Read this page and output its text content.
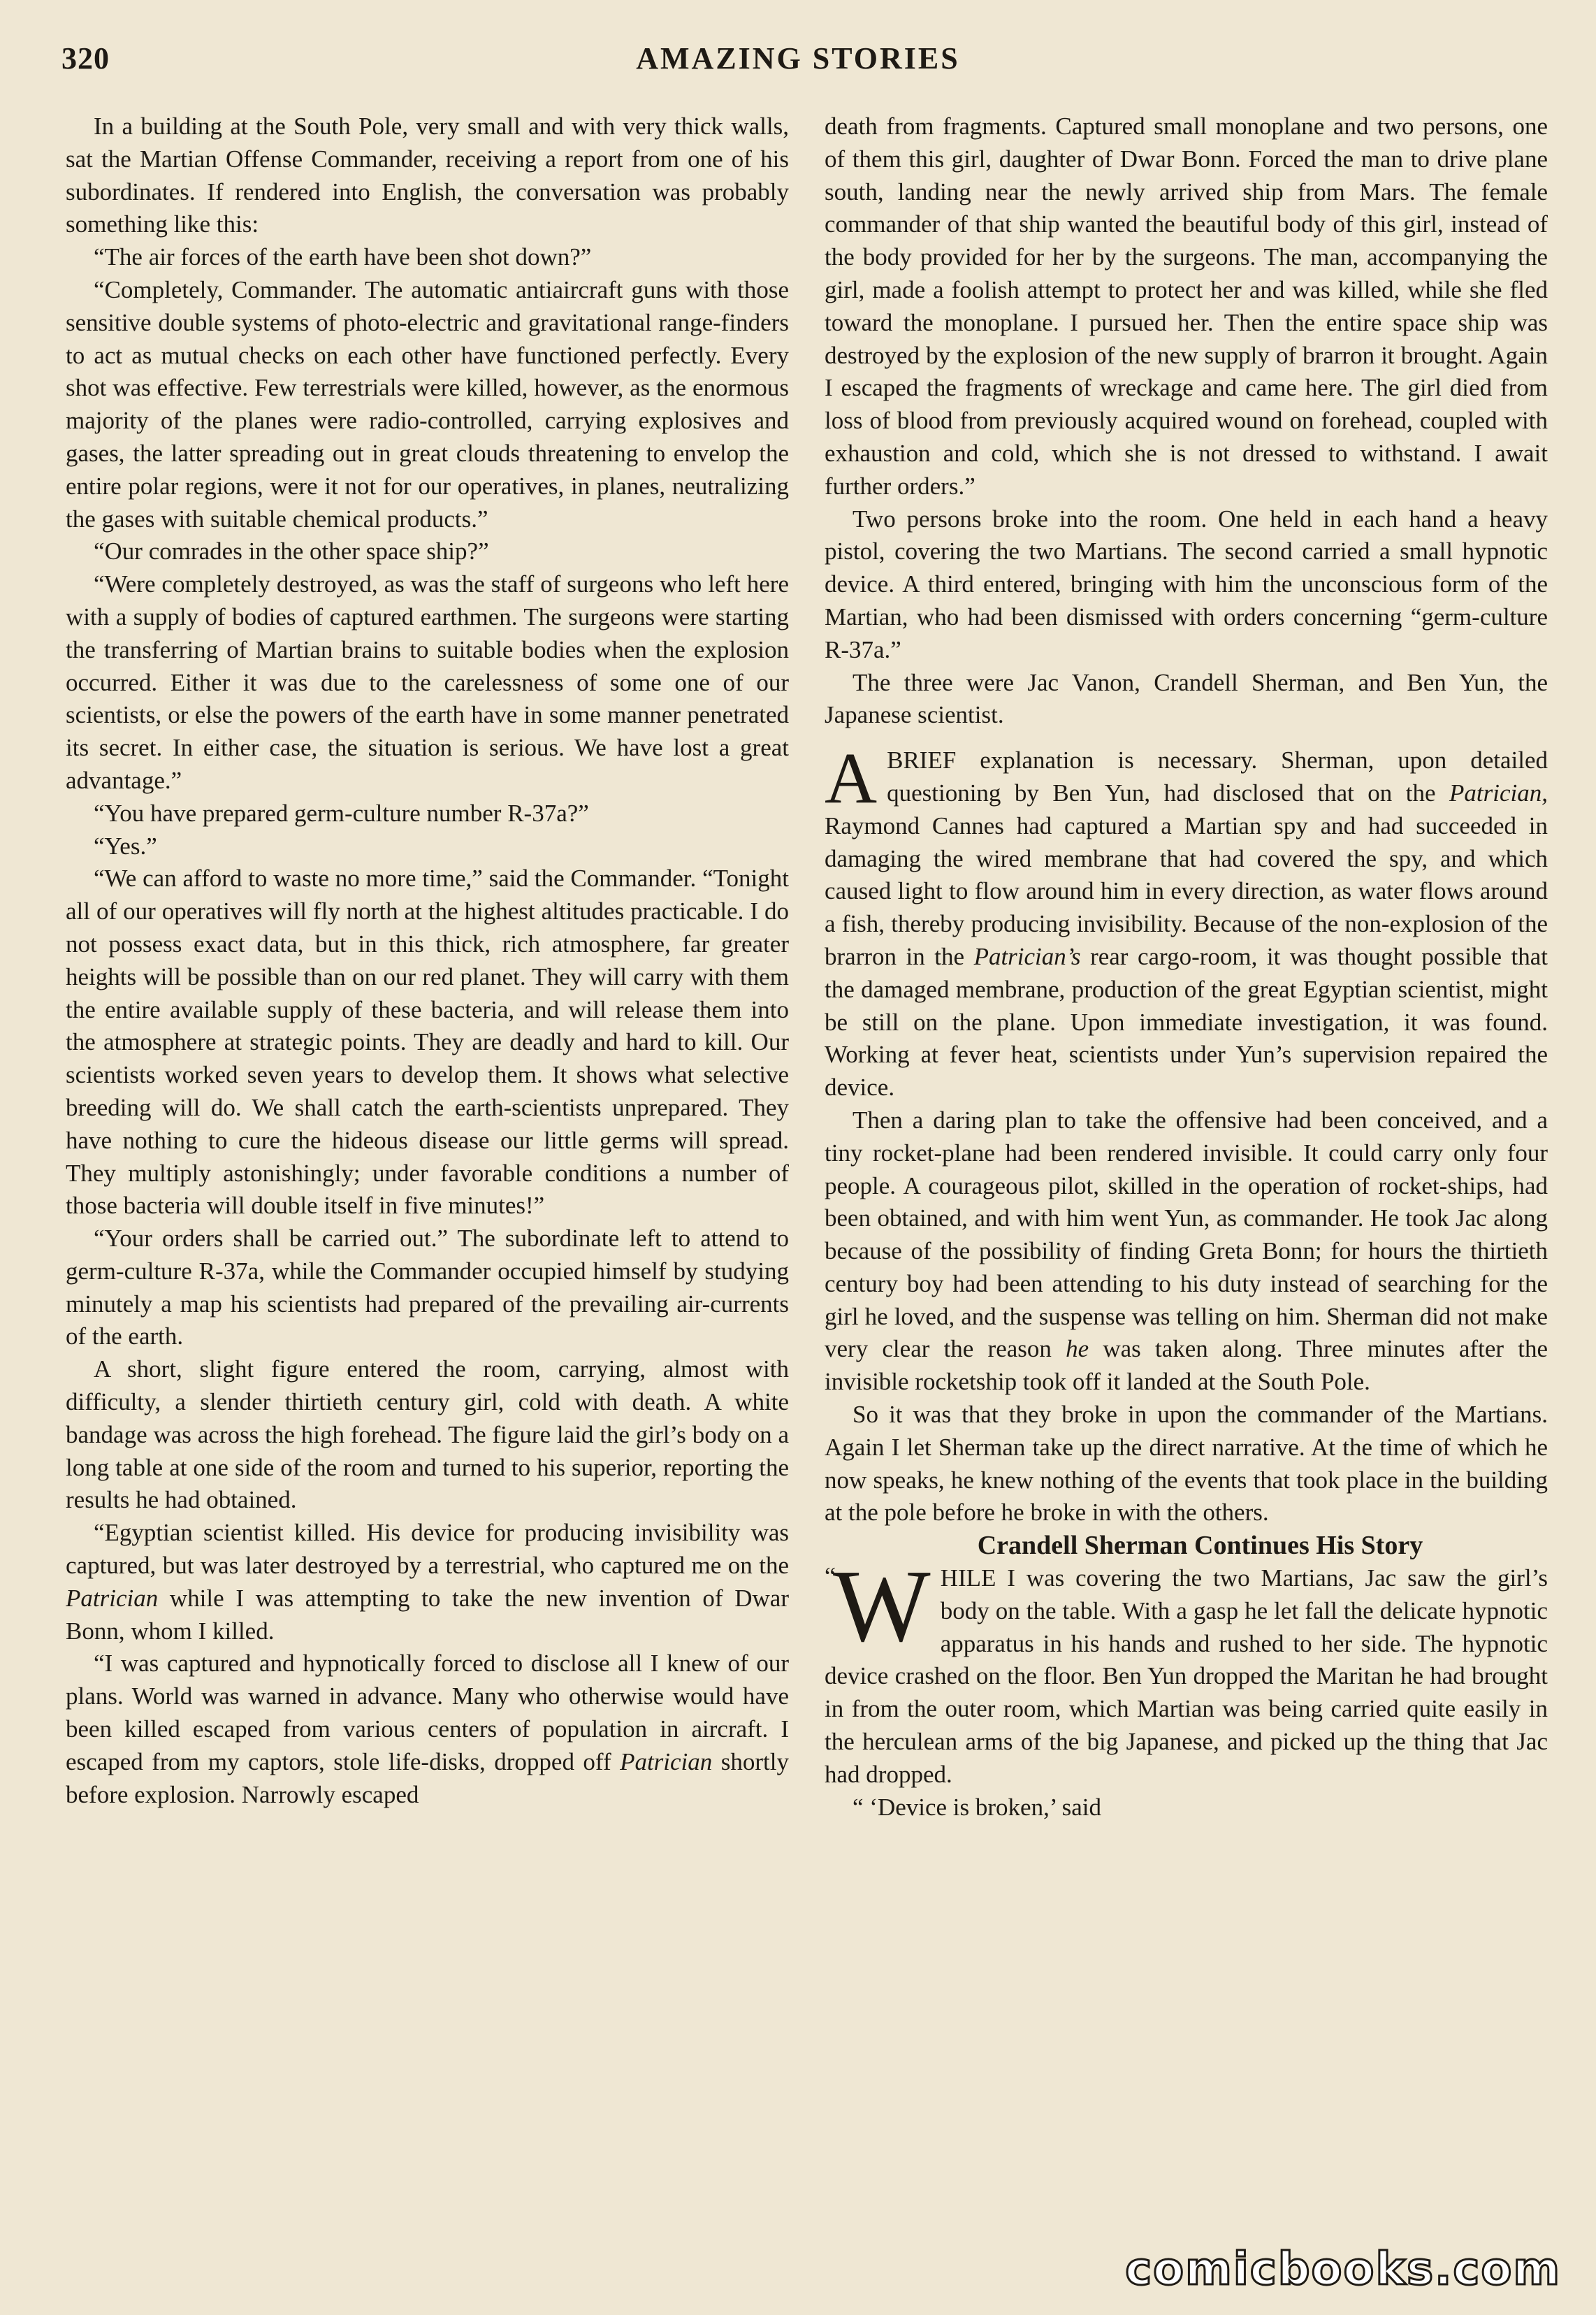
320	AMAZING STORIES

In a building at the South Pole, very small and with very thick walls, sat the Martian Offense Commander, receiving a report from one of his subordinates. If rendered into English, the conversation was probably something like this:

“The air forces of the earth have been shot down?”

“Completely, Commander. The automatic antiaircraft guns with those sensitive double systems of photo-electric and gravitational range-finders to act as mutual checks on each other have functioned perfectly. Every shot was effective. Few terrestrials were killed, however, as the enormous majority of the planes were radio-controlled, carrying explosives and gases, the latter spreading out in great clouds threatening to envelop the entire polar regions, were it not for our operatives, in planes, neutralizing the gases with suitable chemical products.”

“Our comrades in the other space ship?”

“Were completely destroyed, as was the staff of surgeons who left here with a supply of bodies of captured earthmen. The surgeons were starting the transferring of Martian brains to suitable bodies when the explosion occurred. Either it was due to the carelessness of some one of our scientists, or else the powers of the earth have in some manner penetrated its secret. In either case, the situation is serious. We have lost a great advantage.”

“You have prepared germ-culture number R-37a?”

“Yes.”

“We can afford to waste no more time,” said the Commander. “Tonight all of our operatives will fly north at the highest altitudes practicable. I do not possess exact data, but in this thick, rich atmosphere, far greater heights will be possible than on our red planet. They will carry with them the entire available supply of these bacteria, and will release them into the atmosphere at strategic points. They are deadly and hard to kill. Our scientists worked seven years to develop them. It shows what selective breeding will do. We shall catch the earth-scientists unprepared. They have nothing to cure the hideous disease our little germs will spread. They multiply astonishingly; under favorable conditions a number of those bacteria will double itself in five minutes!”

“Your orders shall be carried out.” The subordinate left to attend to germ-culture R-37a, while the Commander occupied himself by studying minutely a map his scientists had prepared of the prevailing air-currents of the earth.

A short, slight figure entered the room, carrying, almost with difficulty, a slender thirtieth century girl, cold with death. A white bandage was across the high forehead. The figure laid the girl’s body on a long table at one side of the room and turned to his superior, reporting the results he had obtained.

“Egyptian scientist killed. His device for producing invisibility was captured, but was later destroyed by a terrestrial, who captured me on the Patrician while I was attempting to take the new invention of Dwar Bonn, whom I killed.

“I was captured and hypnotically forced to disclose all I knew of our plans. World was warned in advance. Many who otherwise would have been killed escaped from various centers of population in aircraft. I escaped from my captors, stole life-disks, dropped off Patrician shortly before explosion. Narrowly escaped

death from fragments. Captured small monoplane and two persons, one of them this girl, daughter of Dwar Bonn. Forced the man to drive plane south, landing near the newly arrived ship from Mars. The female commander of that ship wanted the beautiful body of this girl, instead of the body provided for her by the surgeons. The man, accompanying the girl, made a foolish attempt to protect her and was killed, while she fled toward the monoplane. I pursued her. Then the entire space ship was destroyed by the explosion of the new supply of brarron it brought. Again I escaped the fragments of wreckage and came here. The girl died from loss of blood from previously acquired wound on forehead, coupled with exhaustion and cold, which she is not dressed to withstand. I await further orders.”

Two persons broke into the room. One held in each hand a heavy pistol, covering the two Martians. The second carried a small hypnotic device. A third entered, bringing with him the unconscious form of the Martian, who had been dismissed with orders concerning “germ-culture R-37a.”

The three were Jac Vanon, Crandell Sherman, and Ben Yun, the Japanese scientist.

ABRIEF explanation is necessary. Sherman, upon detailed questioning by Ben Yun, had disclosed that on the Patrician, Raymond Cannes had captured a Martian spy and had succeeded in damaging the wired membrane that had covered the spy, and which caused light to flow around him in every direction, as water flows around a fish, thereby producing invisibility. Because of the non-explosion of the brarron in the Patrician’s rear cargo-room, it was thought possible that the damaged membrane, production of the great Egyptian scientist, might be still on the plane. Upon immediate investigation, it was found. Working at fever heat, scientists under Yun’s supervision repaired the device.

Then a daring plan to take the offensive had been conceived, and a tiny rocket-plane had been rendered invisible. It could carry only four people. A courageous pilot, skilled in the operation of rocket-ships, had been obtained, and with him went Yun, as commander. He took Jac along because of the possibility of finding Greta Bonn; for hours the thirtieth century boy had been attending to his duty instead of searching for the girl he loved, and the suspense was telling on him. Sherman did not make very clear the reason he was taken along. Three minutes after the invisible rocketship took off it landed at the South Pole.

So it was that they broke in upon the commander of the Martians. Again I let Sherman take up the direct narrative. At the time of which he now speaks, he knew nothing of the events that took place in the building at the pole before he broke in with the others.

Crandell Sherman Continues His Story

“
W HILE I was covering the two Martians, Jac saw the girl’s body on the table. With a gasp he let fall the delicate hypnotic apparatus in his hands and rushed to her side. The hypnotic device crashed on the floor. Ben Yun dropped the Maritan he had brought in from the outer room, which Martian was being carried quite easily in the herculean arms of the big Japanese, and picked up the thing that Jac had dropped.

“ ‘Device is broken,’ said

comicbooks.com
